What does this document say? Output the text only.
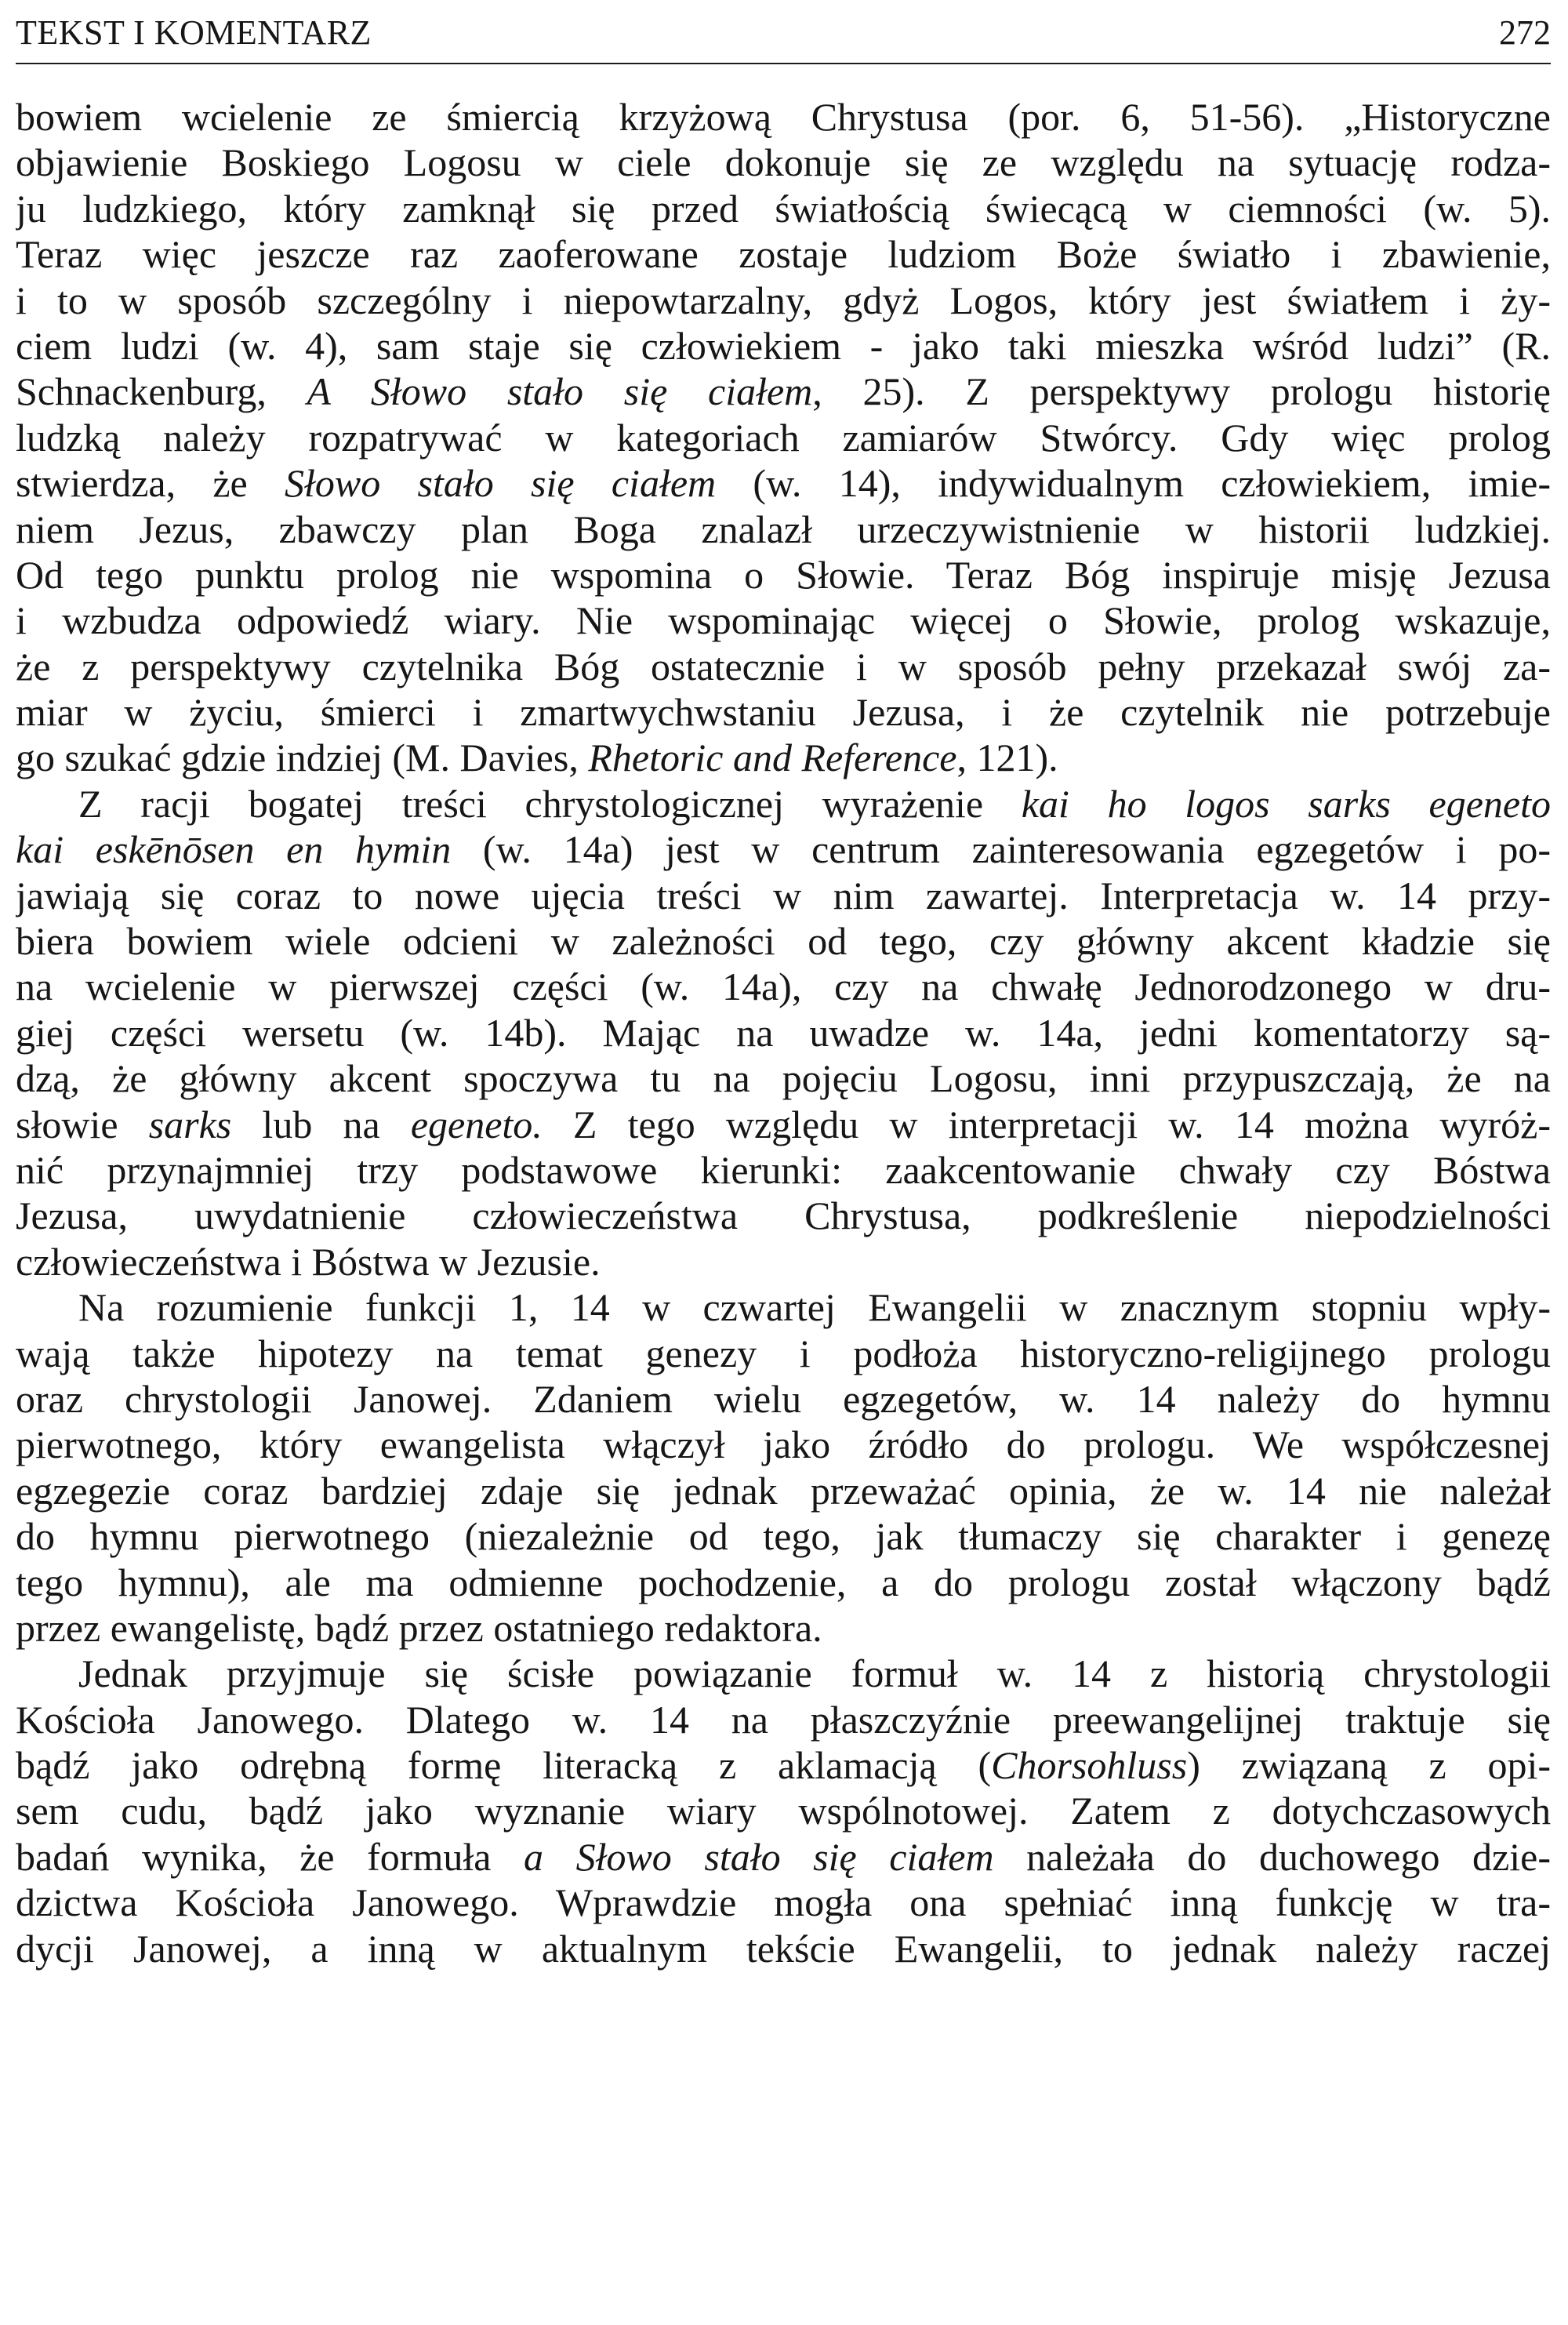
TEKST I KOMENTARZ	272
bowiem wcielenie ze śmiercią krzyżową Chrystusa (por. 6, 51-56). „Historyczne
objawienie Boskiego Logosu w ciele dokonuje się ze względu na sytuację rodza-
ju ludzkiego, który zamknął się przed światłością świecącą w ciemności (w. 5).
Teraz więc jeszcze raz zaoferowane zostaje ludziom Boże światło i zbawienie,
i to w sposób szczególny i niepowtarzalny, gdyż Logos, który jest światłem i ży-
ciem ludzi (w. 4), sam staje się człowiekiem - jako taki mieszka wśród ludzi” (R.
Schnackenburg, A Słowo stało się ciałem, 25). Z perspektywy prologu historię
ludzką należy rozpatrywać w kategoriach zamiarów Stwórcy. Gdy więc prolog
stwierdza, że Słowo stało się ciałem (w. 14), indywidualnym człowiekiem, imie-
niem Jezus, zbawczy plan Boga znalazł urzeczywistnienie w historii ludzkiej.
Od tego punktu prolog nie wspomina o Słowie. Teraz Bóg inspiruje misję Jezusa
i wzbudza odpowiedź wiary. Nie wspominając więcej o Słowie, prolog wskazuje,
że z perspektywy czytelnika Bóg ostatecznie i w sposób pełny przekazał swój za-
miar w życiu, śmierci i zmartwychwstaniu Jezusa, i że czytelnik nie potrzebuje
go szukać gdzie indziej (M. Davies, Rhetoric and Reference, 121).
Z racji bogatej treści chrystologicznej wyrażenie kai ho logos sarks egeneto
kai eskēnōsen en hymin (w. 14a) jest w centrum zainteresowania egzegetów i po-
jawiają się coraz to nowe ujęcia treści w nim zawartej. Interpretacja w. 14 przy-
biera bowiem wiele odcieni w zależności od tego, czy główny akcent kładzie się
na wcielenie w pierwszej części (w. 14a), czy na chwałę Jednorodzonego w dru-
giej części wersetu (w. 14b). Mając na uwadze w. 14a, jedni komentatorzy są-
dzą, że główny akcent spoczywa tu na pojęciu Logosu, inni przypuszczają, że na
słowie sarks lub na egeneto. Z tego względu w interpretacji w. 14 można wyróż-
nić przynajmniej trzy podstawowe kierunki: zaakcentowanie chwały czy Bóstwa
Jezusa, uwydatnienie człowieczeństwa Chrystusa, podkreślenie niepodzielności
człowieczeństwa i Bóstwa w Jezusie.
Na rozumienie funkcji 1, 14 w czwartej Ewangelii w znacznym stopniu wpły-
wają także hipotezy na temat genezy i podłoża historyczno-religijnego prologu
oraz chrystologii Janowej. Zdaniem wielu egzegetów, w. 14 należy do hymnu
pierwotnego, który ewangelista włączył jako źródło do prologu. We współczesnej
egzegezie coraz bardziej zdaje się jednak przeważać opinia, że w. 14 nie należał
do hymnu pierwotnego (niezależnie od tego, jak tłumaczy się charakter i genezę
tego hymnu), ale ma odmienne pochodzenie, a do prologu został włączony bądź
przez ewangelistę, bądź przez ostatniego redaktora.
Jednak przyjmuje się ścisłe powiązanie formuł w. 14 z historią chrystologii
Kościoła Janowego. Dlatego w. 14 na płaszczyźnie preewangelijnej traktuje się
bądź jako odrębną formę literacką z aklamacją (Chorsohluss) związaną z opi-
sem cudu, bądź jako wyznanie wiary wspólnotowej. Zatem z dotychczasowych
badań wynika, że formuła a Słowo stało się ciałem należała do duchowego dzie-
dzictwa Kościoła Janowego. Wprawdzie mogła ona spełniać inną funkcję w tra-
dycji Janowej, a inną w aktualnym tekście Ewangelii, to jednak należy raczej
